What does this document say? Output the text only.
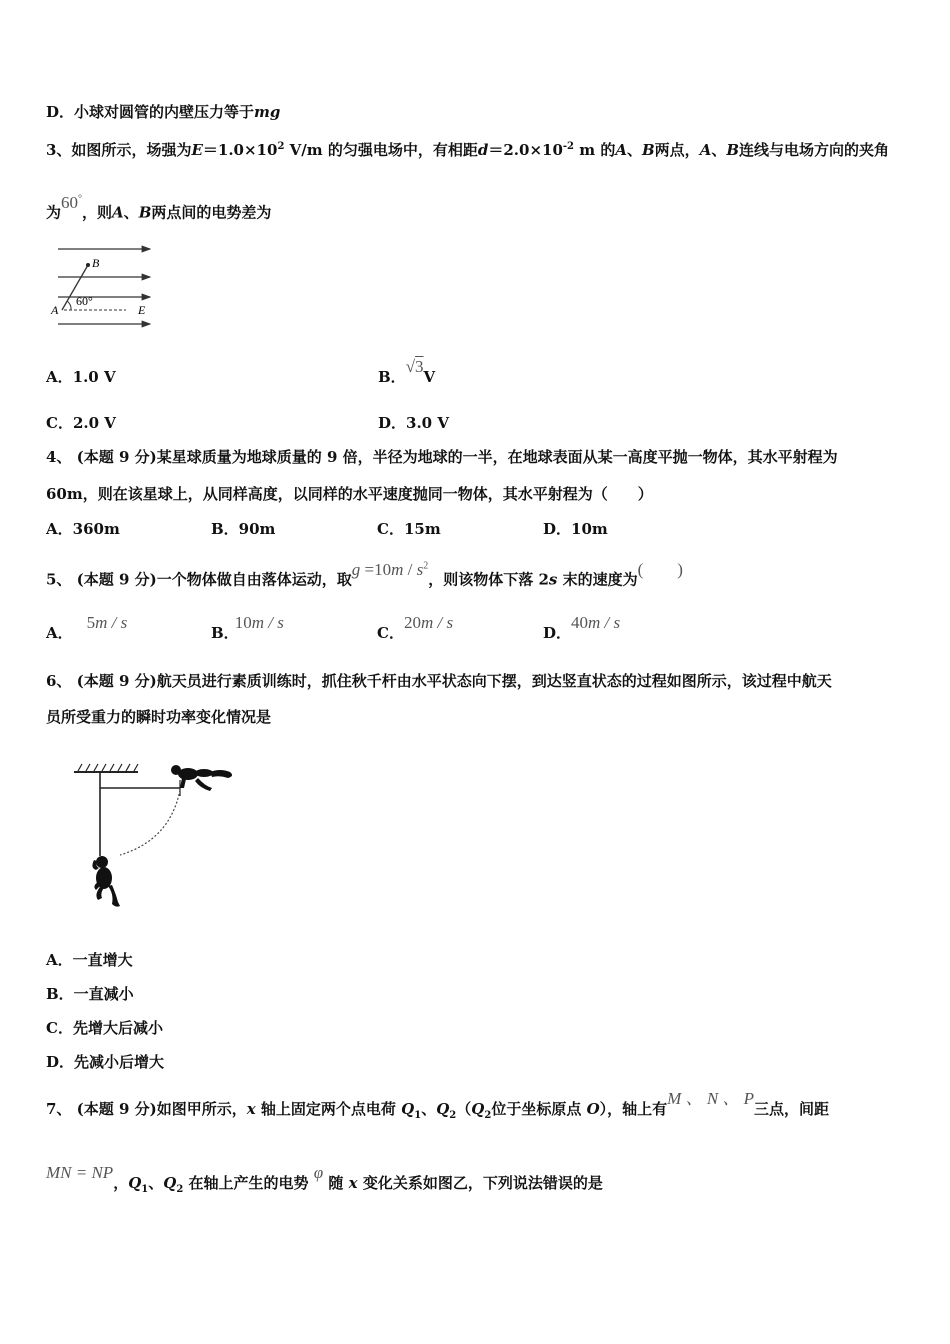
D．小球对圆管的内壁压力等于mg
3、如图所示，场强为$E=1.0\times 10^2$ V/m 的匀强电场中，有相距$d=2.0\times 10^{-2}$ m 的A、B两点，A、B连线与电场方向的夹角
为60°，则A、B两点间的电势差为
B
A	E
60°
A．1.0 V	B．√3V
C．2.0 V	D．3.0 V
4、 (本题 9 分)某星球质量为地球质量的 9 倍，半径为地球的一半，在地球表面从某一高度平抛一物体，其水平射程为
60m，则在该星球上，从同样高度，以同样的水平速度抛同一物体，其水平射程为（　　）
A．360m	B．90m	C．15m	D．10m
5、 (本题 9 分)一个物体做自由落体运动，取$g =10m / s^2$，则该物体下落 2s 末的速度为(　　)
A．5m / s
B．10m / s
C．20m / s
D．40m / s
6、 (本题 9 分)航天员进行素质训练时，抓住秋千杆由水平状态向下摆，到达竖直状态的过程如图所示，该过程中航天
员所受重力的瞬时功率变化情况是
A．一直增大
B．一直减小
C．先增大后减小
D．先减小后增大
7、 (本题 9 分)如图甲所示，x 轴上固定两个点电荷 $Q_1$、$Q_2(Q_2$位于坐标原点 O），轴上有M 、 N 、 P三点，间距
MN = NP，$Q_1$、$Q_2$ 在轴上产生的电势 φ 随 x 变化关系如图乙，下列说法错误的是
